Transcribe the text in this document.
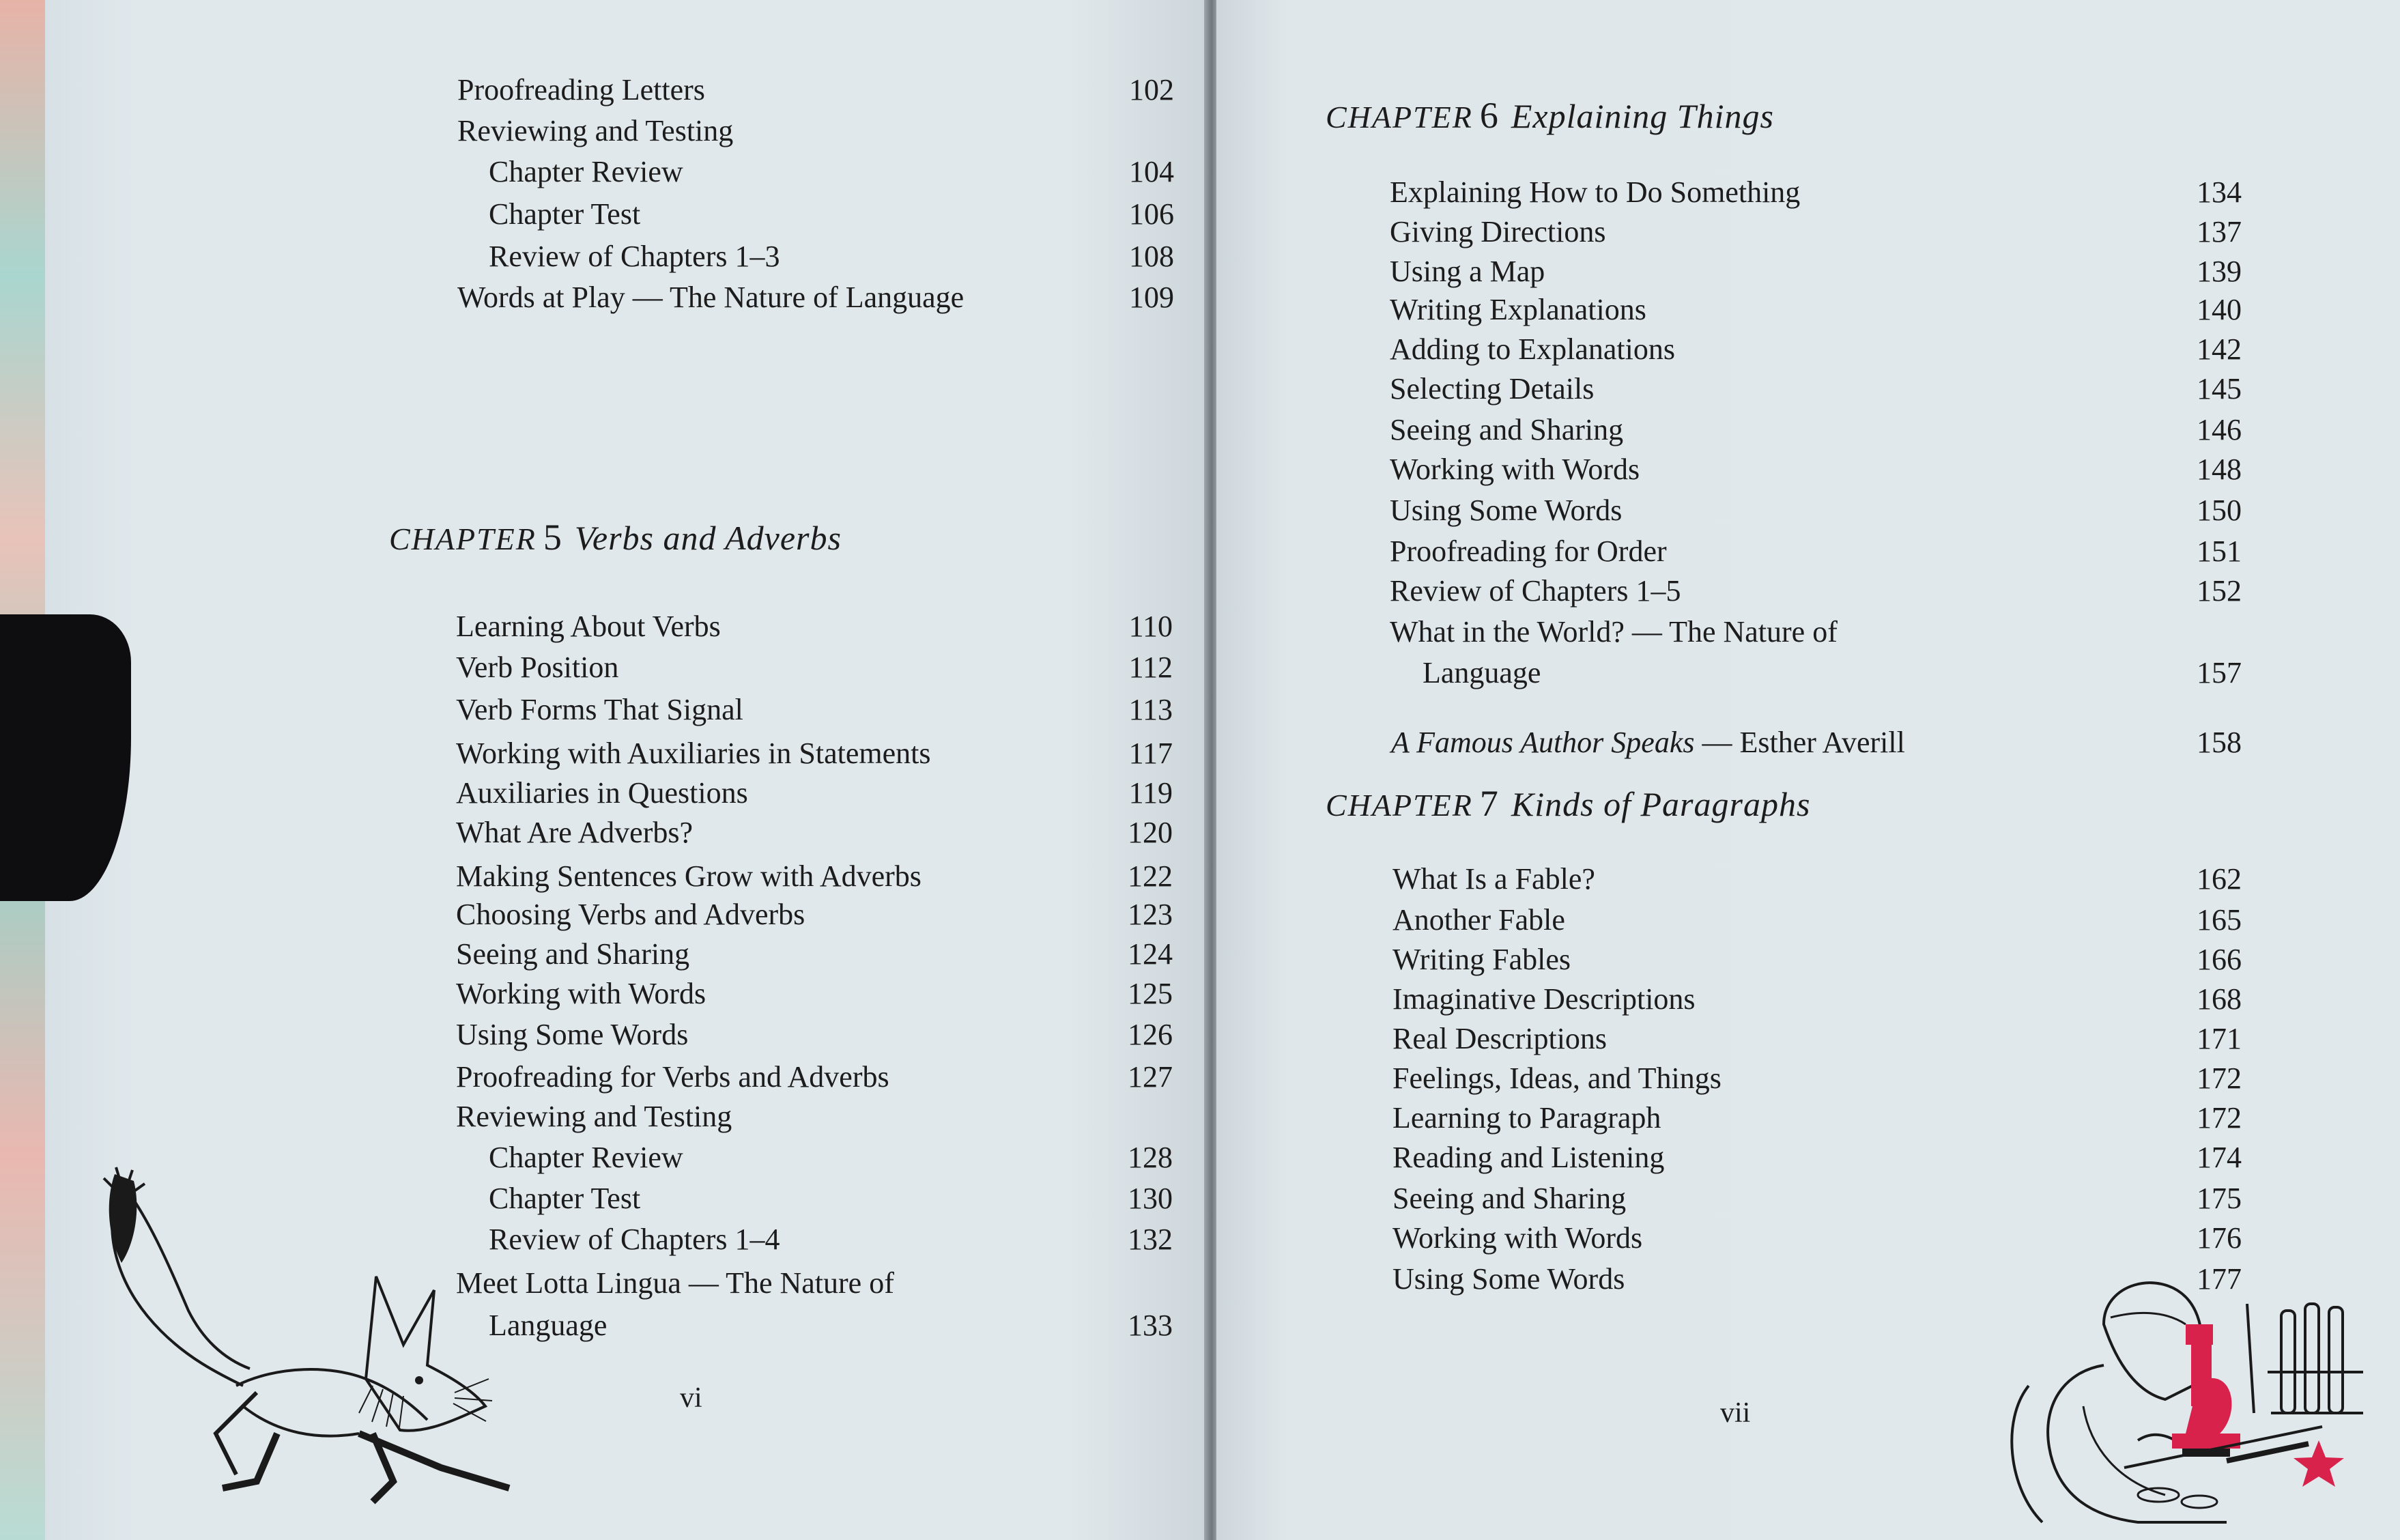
Proofreading Letters	102
Reviewing and Testing
Chapter Review	104
Chapter Test	106
Review of Chapters 1–3	108
Words at Play — The Nature of Language	109
CHAPTER 5 Verbs and Adverbs
Learning About Verbs	110
Verb Position	112
Verb Forms That Signal	113
Working with Auxiliaries in Statements	117
Auxiliaries in Questions	119
What Are Adverbs?	120
Making Sentences Grow with Adverbs	122
Choosing Verbs and Adverbs	123
Seeing and Sharing	124
Working with Words	125
Using Some Words	126
Proofreading for Verbs and Adverbs	127
Reviewing and Testing
Chapter Review	128
Chapter Test	130
Review of Chapters 1–4	132
Meet Lotta Lingua — The Nature of
Language	133
vi
CHAPTER 6 Explaining Things
Explaining How to Do Something	134
Giving Directions	137
Using a Map	139
Writing Explanations	140
Adding to Explanations	142
Selecting Details	145
Seeing and Sharing	146
Working with Words	148
Using Some Words	150
Proofreading for Order	151
Review of Chapters 1–5	152
What in the World? — The Nature of
Language	157
A Famous Author Speaks — Esther Averill	158
CHAPTER 7 Kinds of Paragraphs
What Is a Fable?	162
Another Fable	165
Writing Fables	166
Imaginative Descriptions	168
Real Descriptions	171
Feelings, Ideas, and Things	172
Learning to Paragraph	172
Reading and Listening	174
Seeing and Sharing	175
Working with Words	176
Using Some Words	177
vii
